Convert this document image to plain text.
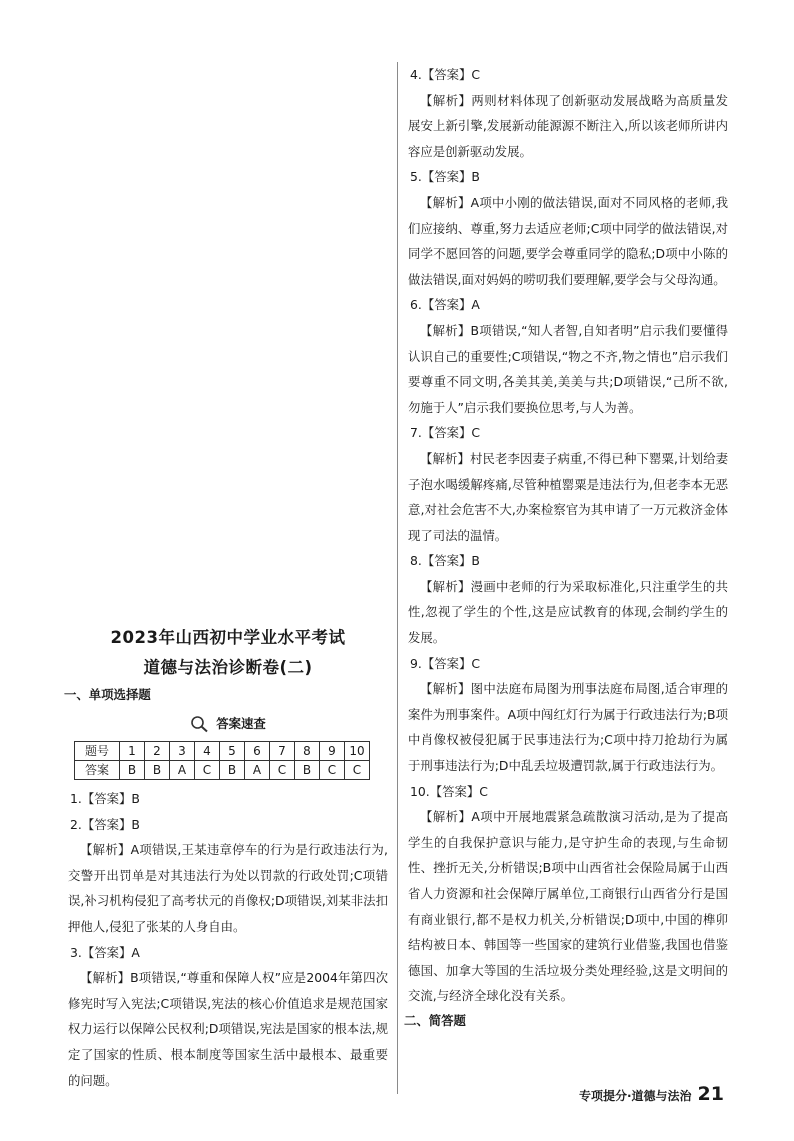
4.【答案】C
【解析】两则材料体现了创新驱动发展战略为高质量发展安上新引擎,发展新动能源源不断注入,所以该老师所讲内容应是创新驱动发展。
5.【答案】B
【解析】A项中小刚的做法错误,面对不同风格的老师,我们应接纳、尊重,努力去适应老师;C项中同学的做法错误,对同学不愿回答的问题,要学会尊重同学的隐私;D项中小陈的做法错误,面对妈妈的唠叨我们要理解,要学会与父母沟通。
6.【答案】A
【解析】B项错误,“知人者智,自知者明”启示我们要懂得认识自己的重要性;C项错误,“物之不齐,物之情也”启示我们要尊重不同文明,各美其美,美美与共;D项错误,“己所不欲,勿施于人”启示我们要换位思考,与人为善。
7.【答案】C
【解析】村民老李因妻子病重,不得已种下罂粟,计划给妻子泡水喝缓解疼痛,尽管种植罂粟是违法行为,但老李本无恶意,对社会危害不大,办案检察官为其申请了一万元救济金体现了司法的温情。
8.【答案】B
【解析】漫画中老师的行为采取标准化,只注重学生的共性,忽视了学生的个性,这是应试教育的体现,会制约学生的发展。
9.【答案】C
【解析】图中法庭布局图为刑事法庭布局图,适合审理的案件为刑事案件。A项中闯红灯行为属于行政违法行为;B项中肖像权被侵犯属于民事违法行为;C项中持刀抢劫行为属于刑事违法行为;D中乱丢垃圾遭罚款,属于行政违法行为。
10.【答案】C
【解析】A项中开展地震紧急疏散演习活动,是为了提高学生的自我保护意识与能力,是守护生命的表现,与生命韧性、挫折无关,分析错误;B项中山西省社会保险局属于山西省人力资源和社会保障厅属单位,工商银行山西省分行是国有商业银行,都不是权力机关,分析错误;D项中,中国的榫卯结构被日本、韩国等一些国家的建筑行业借鉴,我国也借鉴德国、加拿大等国的生活垃圾分类处理经验,这是文明间的交流,与经济全球化没有关系。
二、简答题
2023年山西初中学业水平考试
道德与法治诊断卷(二)
一、单项选择题
答案速查
题号	1	2	3	4	5	6	7	8	9	10
答案	B	B	A	C	B	A	C	B	C	C
1.【答案】B
2.【答案】B
【解析】A项错误,王某违章停车的行为是行政违法行为,交警开出罚单是对其违法行为处以罚款的行政处罚;C项错误,补习机构侵犯了高考状元的肖像权;D项错误,刘某非法扣押他人,侵犯了张某的人身自由。
3.【答案】A
【解析】B项错误,“尊重和保障人权”应是2004年第四次修宪时写入宪法;C项错误,宪法的核心价值追求是规范国家权力运行以保障公民权利;D项错误,宪法是国家的根本法,规定了国家的性质、根本制度等国家生活中最根本、最重要的问题。
专项提分·道德与法治 21
